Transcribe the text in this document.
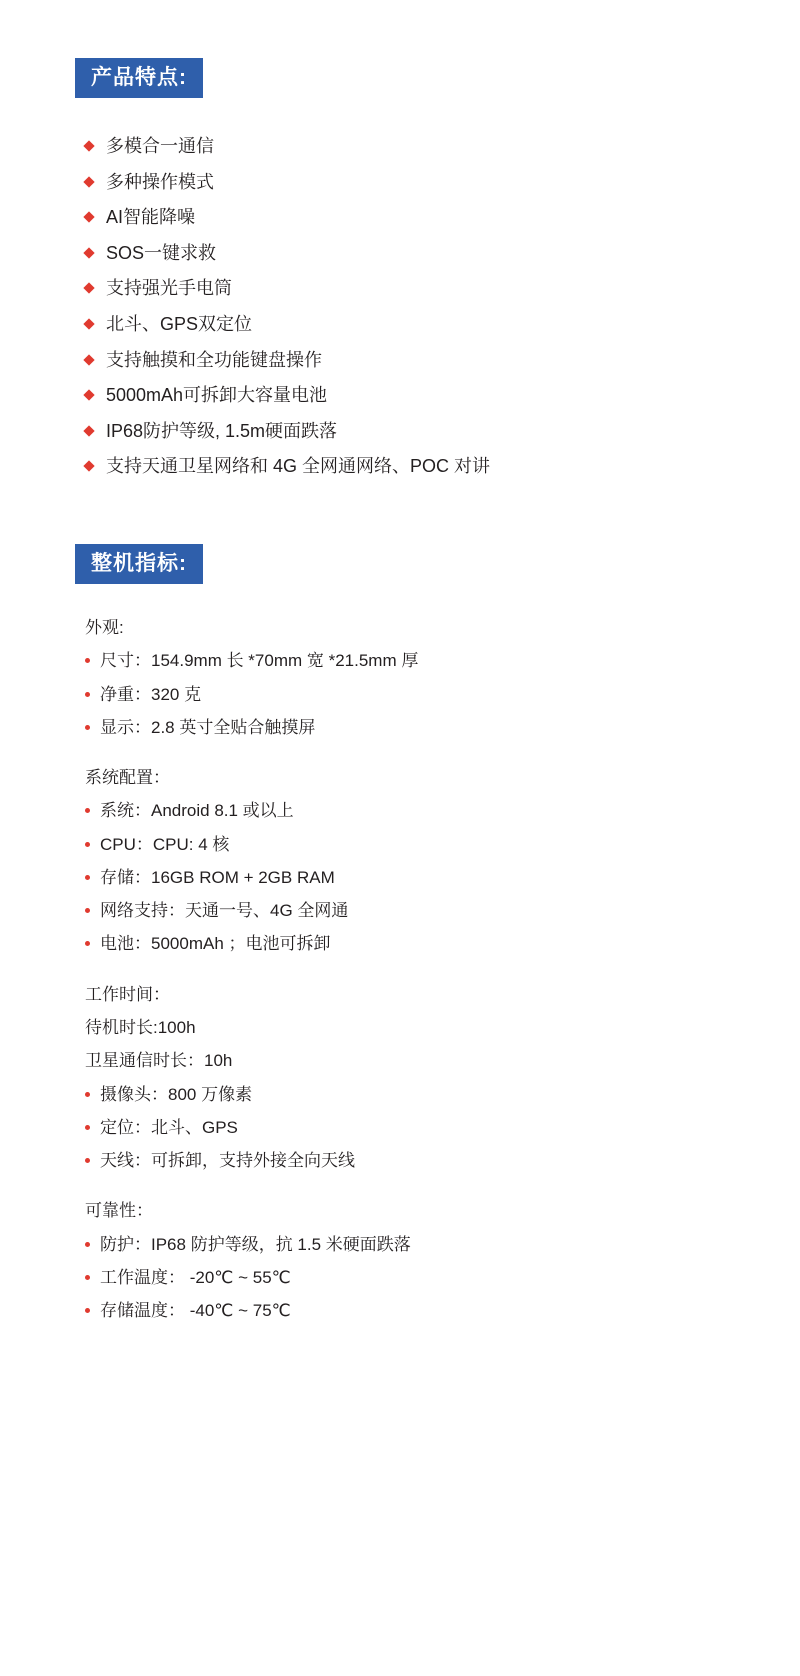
产品特点:
多模合一通信
多种操作模式
AI智能降噪
SOS一键求救
支持强光手电筒
北斗、GPS双定位
支持触摸和全功能键盘操作
5000mAh可拆卸大容量电池
IP68防护等级, 1.5m硬面跌落
支持天通卫星网络和 4G 全网通网络、POC 对讲
整机指标:
外观:
尺寸：154.9mm 长 *70mm 宽 *21.5mm 厚
净重：320 克
显示：2.8 英寸全贴合触摸屏
系统配置：
系统：Android 8.1 或以上
CPU：CPU: 4 核
存储：16GB ROM + 2GB RAM
网络支持：天通一号、4G 全网通
电池：5000mAh ；电池可拆卸
工作时间：
待机时长:100h
卫星通信时长：10h
摄像头：800 万像素
定位：北斗、GPS
天线：可拆卸，支持外接全向天线
可靠性：
防护：IP68 防护等级，抗 1.5 米硬面跌落
工作温度： -20℃ ~ 55℃
存储温度： -40℃ ~ 75℃
